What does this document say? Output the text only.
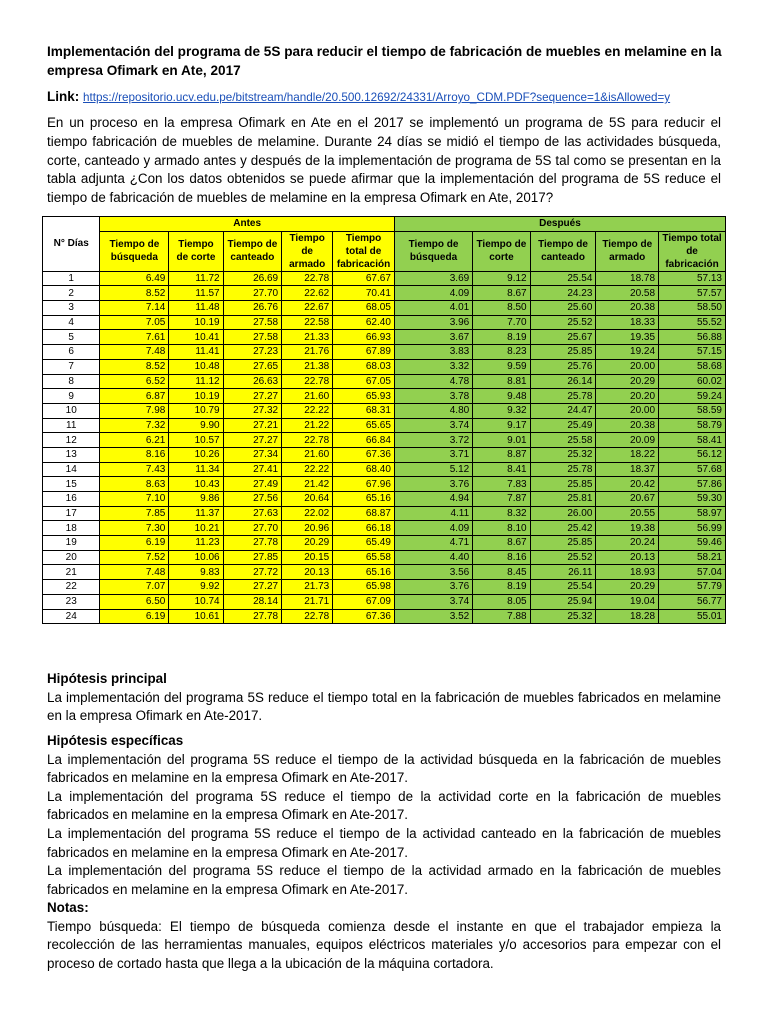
Implementación del programa de 5S para reducir el tiempo de fabricación de muebles en melamine en la empresa Ofimark en Ate, 2017
Link: https://repositorio.ucv.edu.pe/bitstream/handle/20.500.12692/24331/Arroyo_CDM.PDF?sequence=1&isAllowed=y
En un proceso en la empresa Ofimark en Ate en el 2017 se implementó un programa de 5S para reducir el tiempo fabricación de muebles de melamine. Durante 24 días se midió el tiempo de las actividades búsqueda, corte, canteado y armado antes y después de la implementación de programa de 5S tal como se presentan en la tabla adjunta ¿Con los datos obtenidos se puede afirmar que la implementación del programa de 5S reduce el tiempo de fabricación de muebles de melamine en la empresa Ofimark en Ate, 2017?
N° Días	Antes					Después				
	Tiempo de búsqueda	Tiempo de corte	Tiempo de canteado	Tiempo de armado	Tiempo total de fabricación	Tiempo de búsqueda	Tiempo de corte	Tiempo de canteado	Tiempo de armado	Tiempo total de fabricación
1	6.49	11.72	26.69	22.78	67.67	3.69	9.12	25.54	18.78	57.13
2	8.52	11.57	27.70	22.62	70.41	4.09	8.67	24.23	20.58	57.57
3	7.14	11.48	26.76	22.67	68.05	4.01	8.50	25.60	20.38	58.50
4	7.05	10.19	27.58	22.58	62.40	3.96	7.70	25.52	18.33	55.52
5	7.61	10.41	27.58	21.33	66.93	3.67	8.19	25.67	19.35	56.88
6	7.48	11.41	27.23	21.76	67.89	3.83	8.23	25.85	19.24	57.15
7	8.52	10.48	27.65	21.38	68.03	3.32	9.59	25.76	20.00	58.68
8	6.52	11.12	26.63	22.78	67.05	4.78	8.81	26.14	20.29	60.02
9	6.87	10.19	27.27	21.60	65.93	3.78	9.48	25.78	20.20	59.24
10	7.98	10.79	27.32	22.22	68.31	4.80	9.32	24.47	20.00	58.59
11	7.32	9.90	27.21	21.22	65.65	3.74	9.17	25.49	20.38	58.79
12	6.21	10.57	27.27	22.78	66.84	3.72	9.01	25.58	20.09	58.41
13	8.16	10.26	27.34	21.60	67.36	3.71	8.87	25.32	18.22	56.12
14	7.43	11.34	27.41	22.22	68.40	5.12	8.41	25.78	18.37	57.68
15	8.63	10.43	27.49	21.42	67.96	3.76	7.83	25.85	20.42	57.86
16	7.10	9.86	27.56	20.64	65.16	4.94	7.87	25.81	20.67	59.30
17	7.85	11.37	27.63	22.02	68.87	4.11	8.32	26.00	20.55	58.97
18	7.30	10.21	27.70	20.96	66.18	4.09	8.10	25.42	19.38	56.99
19	6.19	11.23	27.78	20.29	65.49	4.71	8.67	25.85	20.24	59.46
20	7.52	10.06	27.85	20.15	65.58	4.40	8.16	25.52	20.13	58.21
21	7.48	9.83	27.72	20.13	65.16	3.56	8.45	26.11	18.93	57.04
22	7.07	9.92	27.27	21.73	65.98	3.76	8.19	25.54	20.29	57.79
23	6.50	10.74	28.14	21.71	67.09	3.74	8.05	25.94	19.04	56.77
24	6.19	10.61	27.78	22.78	67.36	3.52	7.88	25.32	18.28	55.01
Hipótesis principal
La implementación del programa 5S reduce el tiempo total en la fabricación de muebles fabricados en melamine en la empresa Ofimark en Ate-2017.
Hipótesis específicas
La implementación del programa 5S reduce el tiempo de la actividad búsqueda en la fabricación de muebles fabricados en melamine en la empresa Ofimark en Ate-2017.
La implementación del programa 5S reduce el tiempo de la actividad corte en la fabricación de muebles fabricados en melamine en la empresa Ofimark en Ate-2017.
La implementación del programa 5S reduce el tiempo de la actividad canteado en la fabricación de muebles fabricados en melamine en la empresa Ofimark en Ate-2017.
La implementación del programa 5S reduce el tiempo de la actividad armado en la fabricación de muebles fabricados en melamine en la empresa Ofimark en Ate-2017.
Notas:
Tiempo búsqueda: El tiempo de búsqueda comienza desde el instante en que el trabajador empieza la recolección de las herramientas manuales, equipos eléctricos materiales y/o accesorios para empezar con el proceso de cortado hasta que llega a la ubicación de la máquina cortadora.
